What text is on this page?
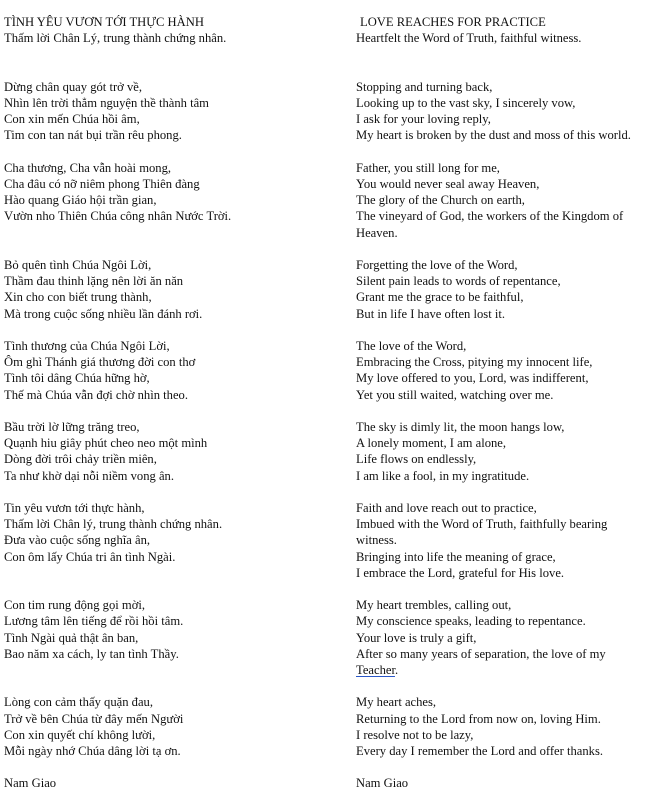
TÌNH YÊU VƯƠN TỚI THỰC HÀNH
Thấm lời Chân Lý, trung thành chứng nhân.
Dừng chân quay gót trở về,
Nhìn lên trời thẳm nguyện thề thành tâm
Con xin mến Chúa hồi âm,
Tim con tan nát bụi trần rêu phong.
Cha thương, Cha vẫn hoài mong,
Cha đâu có nỡ niêm phong Thiên đàng
Hào quang Giáo hội trần gian,
Vườn nho Thiên Chúa công nhân Nước Trời.
Bỏ quên tình Chúa Ngôi Lời,
Thầm đau thinh lặng nên lời ăn năn
Xin cho con biết trung thành,
Mà trong cuộc sống nhiều lần đánh rơi.
Tình thương của Chúa Ngôi Lời,
Ôm ghì Thánh giá thương đời con thơ
Tình tôi dâng Chúa hững hờ,
Thế mà Chúa vẫn đợi chờ nhìn theo.
Bầu trời lờ lững trăng treo,
Quạnh hiu giây phút cheo neo một mình
Dòng đời trôi chảy triền miên,
Ta như khờ dại nỗi niềm vong ân.
Tin yêu vươn tới thực hành,
Thấm lời Chân lý, trung thành chứng nhân.
Đưa vào cuộc sống nghĩa ân,
Con ôm lấy Chúa tri ân tình Ngài.
Con tim rung động gọi mời,
Lương tâm lên tiếng để rồi hồi tâm.
Tình Ngài quả thật ân ban,
Bao năm xa cách, ly tan tình Thầy.
Lòng con cảm thấy quặn đau,
Trở về bên Chúa từ đây mến Người
Con xin quyết chí không lười,
Mỗi ngày nhớ Chúa dâng lời tạ ơn.
Nam Giao
LOVE REACHES FOR PRACTICE
Heartfelt the Word of Truth, faithful witness.
Stopping and turning back,
Looking up to the vast sky, I sincerely vow,
I ask for your loving reply,
My heart is broken by the dust and moss of this world.
Father, you still long for me,
You would never seal away Heaven,
The glory of the Church on earth,
The vineyard of God, the workers of the Kingdom of
Heaven.
Forgetting the love of the Word,
Silent pain leads to words of repentance,
Grant me the grace to be faithful,
But in life I have often lost it.
The love of the Word,
Embracing the Cross, pitying my innocent life,
My love offered to you, Lord, was indifferent,
Yet you still waited, watching over me.
The sky is dimly lit, the moon hangs low,
A lonely moment, I am alone,
Life flows on endlessly,
I am like a fool, in my ingratitude.
Faith and love reach out to practice,
Imbued with the Word of Truth, faithfully bearing
witness.
Bringing into life the meaning of grace,
I embrace the Lord, grateful for His love.
My heart trembles, calling out,
My conscience speaks, leading to repentance.
Your love is truly a gift,
After so many years of separation, the love of my
Teacher.
My heart aches,
Returning to the Lord from now on, loving Him.
I resolve not to be lazy,
Every day I remember the Lord and offer thanks.
Nam Giao
